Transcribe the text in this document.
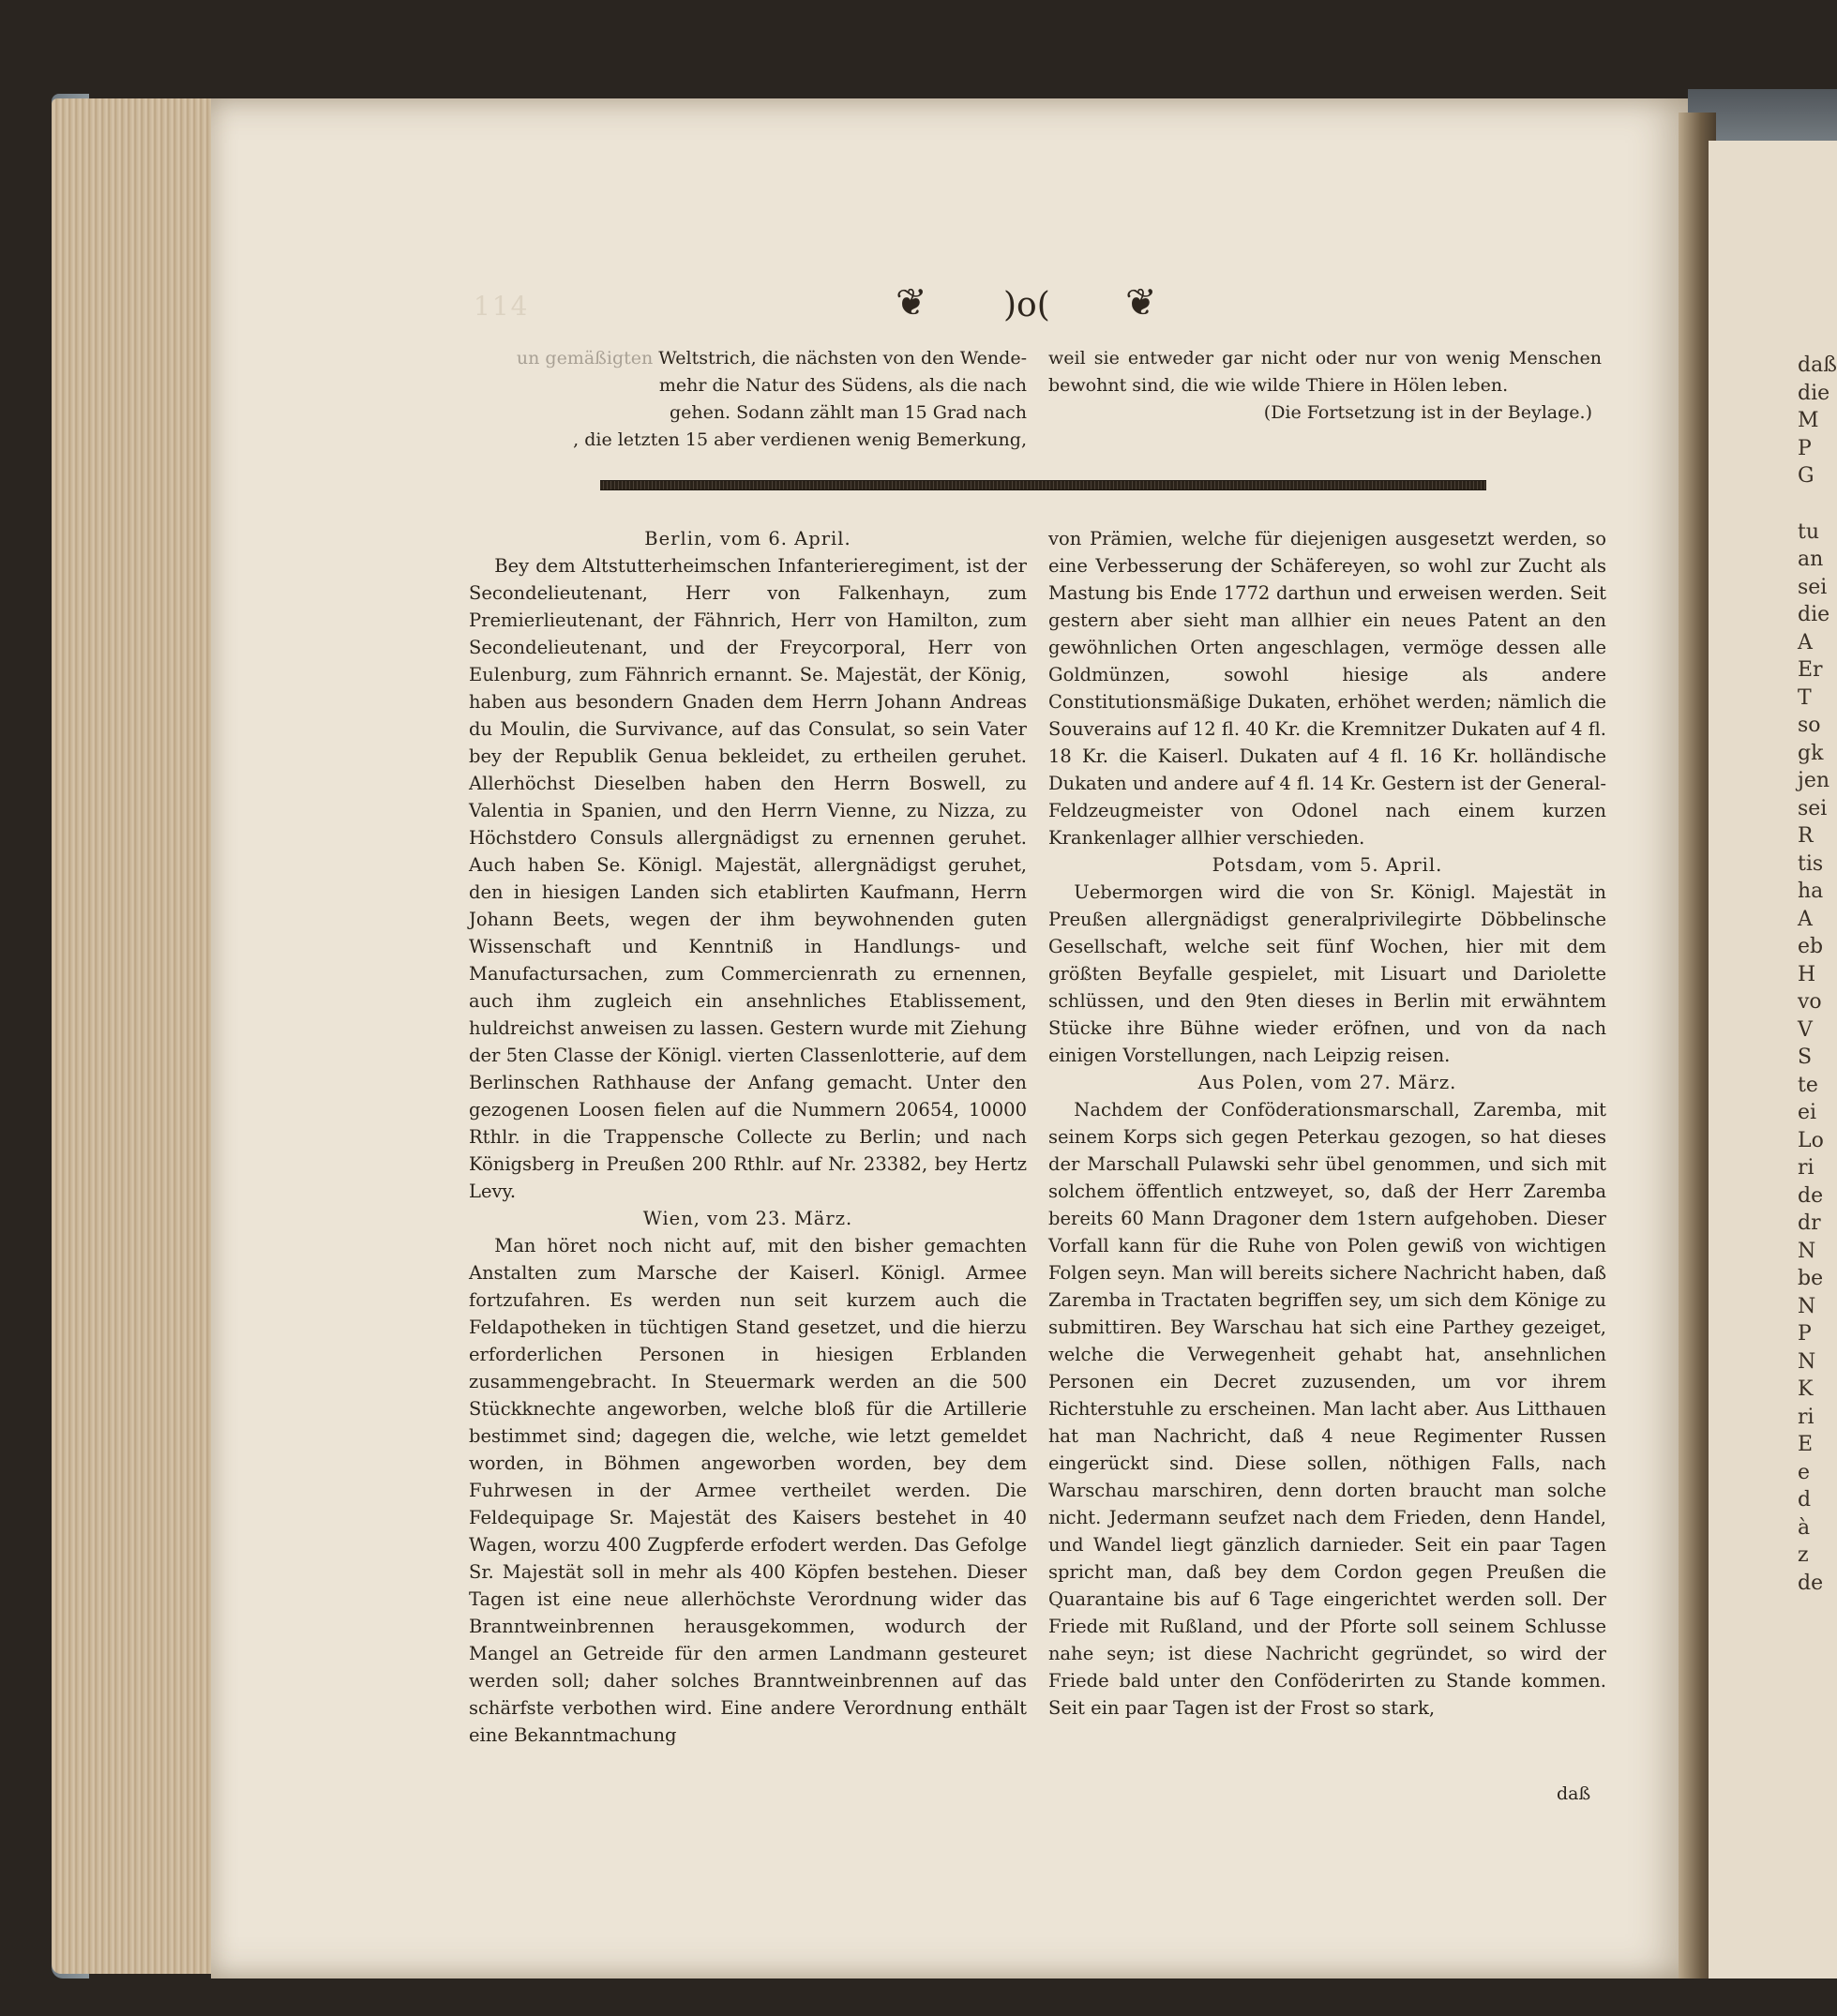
daß
die
M
P
G
tu
an
sei
die
A
Er
T
so
gk
jen
sei
R
tis
ha
A
eb
H
vo
V
S
te
ei
Lo
ri
de
dr
N
be
N
P
N
K
ri
E
e
d
à
z
de
114	❦ )o( ❦
un gemäßigten Weltstrich, die nächsten von den Wende-
mehr die Natur des Südens, als die nach
gehen. Sodann zählt man 15 Grad nach
, die letzten 15 aber verdienen wenig Bemerkung,

weil sie entweder gar nicht oder nur von wenig Menschen bewohnt sind, die wie wilde Thiere in Hölen leben.

(Die Fortsetzung ist in der Beylage.)

Berlin, vom 6. April.

Bey dem Altstutterheimschen Infanterieregiment, ist der Secondelieutenant, Herr von Falkenhayn, zum Premierlieutenant, der Fähnrich, Herr von Hamilton, zum Secondelieutenant, und der Freycorporal, Herr von Eulenburg, zum Fähnrich ernannt. Se. Majestät, der König, haben aus besondern Gnaden dem Herrn Johann Andreas du Moulin, die Survivance, auf das Consulat, so sein Vater bey der Republik Genua bekleidet, zu ertheilen geruhet. Allerhöchst Dieselben haben den Herrn Boswell, zu Valentia in Spanien, und den Herrn Vienne, zu Nizza, zu Höchstdero Consuls allergnädigst zu ernennen geruhet. Auch haben Se. Königl. Majestät, allergnädigst geruhet, den in hiesigen Landen sich etablirten Kaufmann, Herrn Johann Beets, wegen der ihm beywohnenden guten Wissenschaft und Kenntniß in Handlungs- und Manufactursachen, zum Commercienrath zu ernennen, auch ihm zugleich ein ansehnliches Etablissement, huldreichst anweisen zu lassen. Gestern wurde mit Ziehung der 5ten Classe der Königl. vierten Classenlotterie, auf dem Berlinschen Rathhause der Anfang gemacht. Unter den gezogenen Loosen fielen auf die Nummern 20654, 10000 Rthlr. in die Trappensche Collecte zu Berlin; und nach Königsberg in Preußen 200 Rthlr. auf Nr. 23382, bey Hertz Levy.

Wien, vom 23. März.

Man höret noch nicht auf, mit den bisher gemachten Anstalten zum Marsche der Kaiserl. Königl. Armee fortzufahren. Es werden nun seit kurzem auch die Feldapotheken in tüchtigen Stand gesetzet, und die hierzu erforderlichen Personen in hiesigen Erblanden zusammengebracht. In Steuermark werden an die 500 Stückknechte angeworben, welche bloß für die Artillerie bestimmet sind; dagegen die, welche, wie letzt gemeldet worden, in Böhmen angeworben worden, bey dem Fuhrwesen in der Armee vertheilet werden. Die Feldequipage Sr. Majestät des Kaisers bestehet in 40 Wagen, worzu 400 Zugpferde erfodert werden. Das Gefolge Sr. Majestät soll in mehr als 400 Köpfen bestehen. Dieser Tagen ist eine neue allerhöchste Verordnung wider das Branntweinbrennen herausgekommen, wodurch der Mangel an Getreide für den armen Landmann gesteuret werden soll; daher solches Branntweinbrennen auf das schärfste verbothen wird. Eine andere Verordnung enthält eine Bekanntmachung

von Prämien, welche für diejenigen ausgesetzt werden, so eine Verbesserung der Schäfereyen, so wohl zur Zucht als Mastung bis Ende 1772 darthun und erweisen werden. Seit gestern aber sieht man allhier ein neues Patent an den gewöhnlichen Orten angeschlagen, vermöge dessen alle Goldmünzen, sowohl hiesige als andere Constitutionsmäßige Dukaten, erhöhet werden; nämlich die Souverains auf 12 fl. 40 Kr. die Kremnitzer Dukaten auf 4 fl. 18 Kr. die Kaiserl. Dukaten auf 4 fl. 16 Kr. holländische Dukaten und andere auf 4 fl. 14 Kr. Gestern ist der General-Feldzeugmeister von Odonel nach einem kurzen Krankenlager allhier verschieden.

Potsdam, vom 5. April.

Uebermorgen wird die von Sr. Königl. Majestät in Preußen allergnädigst generalprivilegirte Döbbelinsche Gesellschaft, welche seit fünf Wochen, hier mit dem größten Beyfalle gespielet, mit Lisuart und Dariolette schlüssen, und den 9ten dieses in Berlin mit erwähntem Stücke ihre Bühne wieder eröfnen, und von da nach einigen Vorstellungen, nach Leipzig reisen.

Aus Polen, vom 27. März.

Nachdem der Conföderationsmarschall, Zaremba, mit seinem Korps sich gegen Peterkau gezogen, so hat dieses der Marschall Pulawski sehr übel genommen, und sich mit solchem öffentlich entzweyet, so, daß der Herr Zaremba bereits 60 Mann Dragoner dem 1stern aufgehoben. Dieser Vorfall kann für die Ruhe von Polen gewiß von wichtigen Folgen seyn. Man will bereits sichere Nachricht haben, daß Zaremba in Tractaten begriffen sey, um sich dem Könige zu submittiren. Bey Warschau hat sich eine Parthey gezeiget, welche die Verwegenheit gehabt hat, ansehnlichen Personen ein Decret zuzusenden, um vor ihrem Richterstuhle zu erscheinen. Man lacht aber. Aus Litthauen hat man Nachricht, daß 4 neue Regimenter Russen eingerückt sind. Diese sollen, nöthigen Falls, nach Warschau marschiren, denn dorten braucht man solche nicht. Jedermann seufzet nach dem Frieden, denn Handel, und Wandel liegt gänzlich darnieder. Seit ein paar Tagen spricht man, daß bey dem Cordon gegen Preußen die Quarantaine bis auf 6 Tage eingerichtet werden soll. Der Friede mit Rußland, und der Pforte soll seinem Schlusse nahe seyn; ist diese Nachricht gegründet, so wird der Friede bald unter den Conföderirten zu Stande kommen. Seit ein paar Tagen ist der Frost so stark,

daß
